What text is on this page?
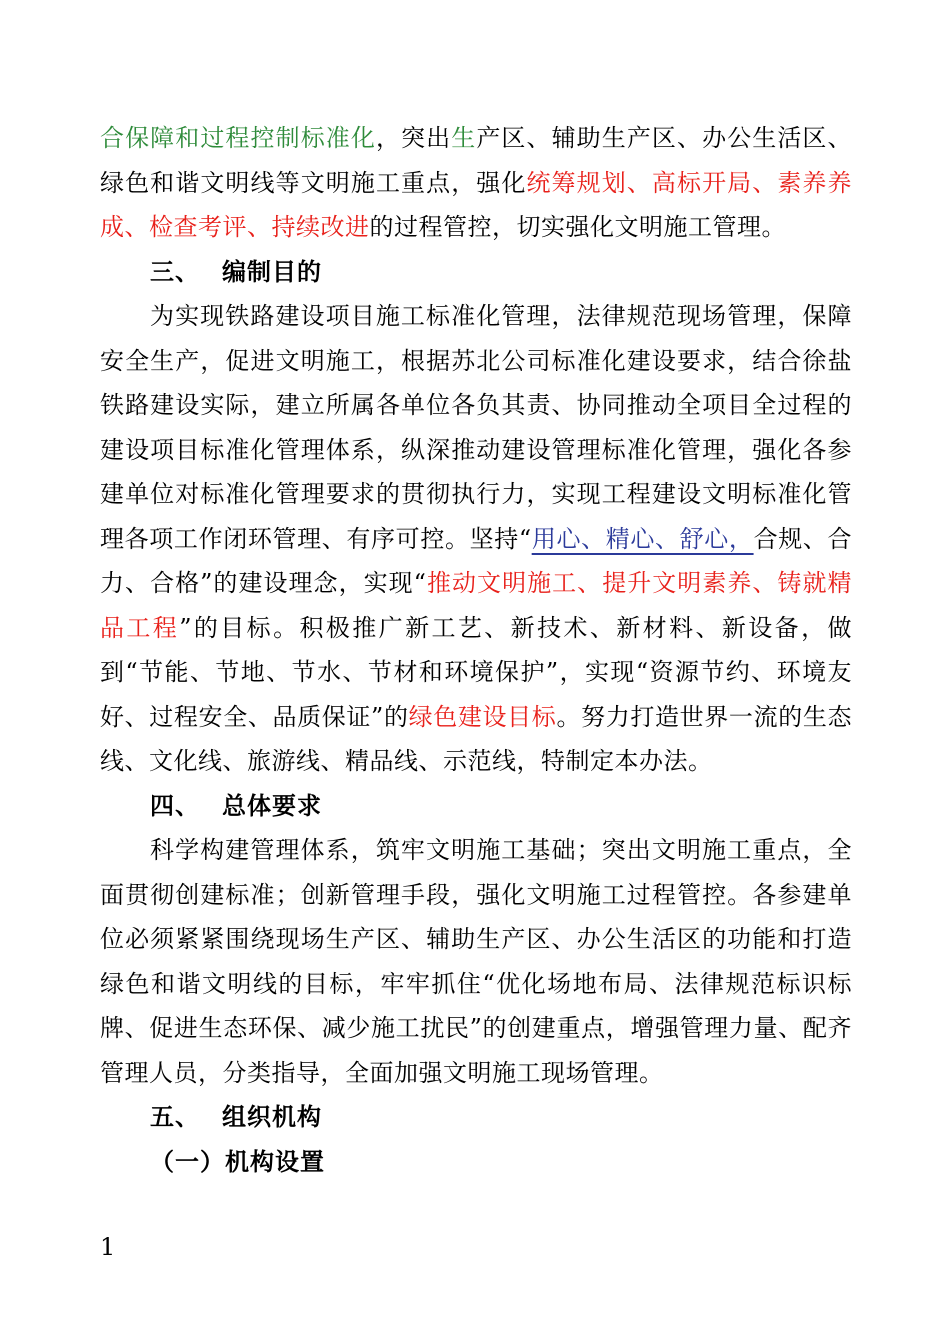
合保障和过程控制标准化，突出生产区、辅助生产区、办公生活区、绿色和谐文明线等文明施工重点，强化统筹规划、高标开局、素养养成、检查考评、持续改进的过程管控，切实强化文明施工管理。

三、 编制目的

为实现铁路建设项目施工标准化管理，法律规范现场管理，保障安全生产，促进文明施工，根据苏北公司标准化建设要求，结合徐盐铁路建设实际，建立所属各单位各负其责、协同推动全项目全过程的建设项目标准化管理体系，纵深推动建设管理标准化管理，强化各参建单位对标准化管理要求的贯彻执行力，实现工程建设文明标准化管理各项工作闭环管理、有序可控。坚持“用心、精心、舒心，合规、合力、合格”的建设理念，实现“推动文明施工、提升文明素养、铸就精品工程”的目标。积极推广新工艺、新技术、新材料、新设备，做到“节能、节地、节水、节材和环境保护”，实现“资源节约、环境友好、过程安全、品质保证”的绿色建设目标。努力打造世界一流的生态线、文化线、旅游线、精品线、示范线，特制定本办法。

四、 总体要求

科学构建管理体系，筑牢文明施工基础；突出文明施工重点，全面贯彻创建标准；创新管理手段，强化文明施工过程管控。各参建单位必须紧紧围绕现场生产区、辅助生产区、办公生活区的功能和打造绿色和谐文明线的目标，牢牢抓住“优化场地布局、法律规范标识标牌、促进生态环保、减少施工扰民”的创建重点，增强管理力量、配齐管理人员，分类指导，全面加强文明施工现场管理。

五、 组织机构

（一）机构设置

1
